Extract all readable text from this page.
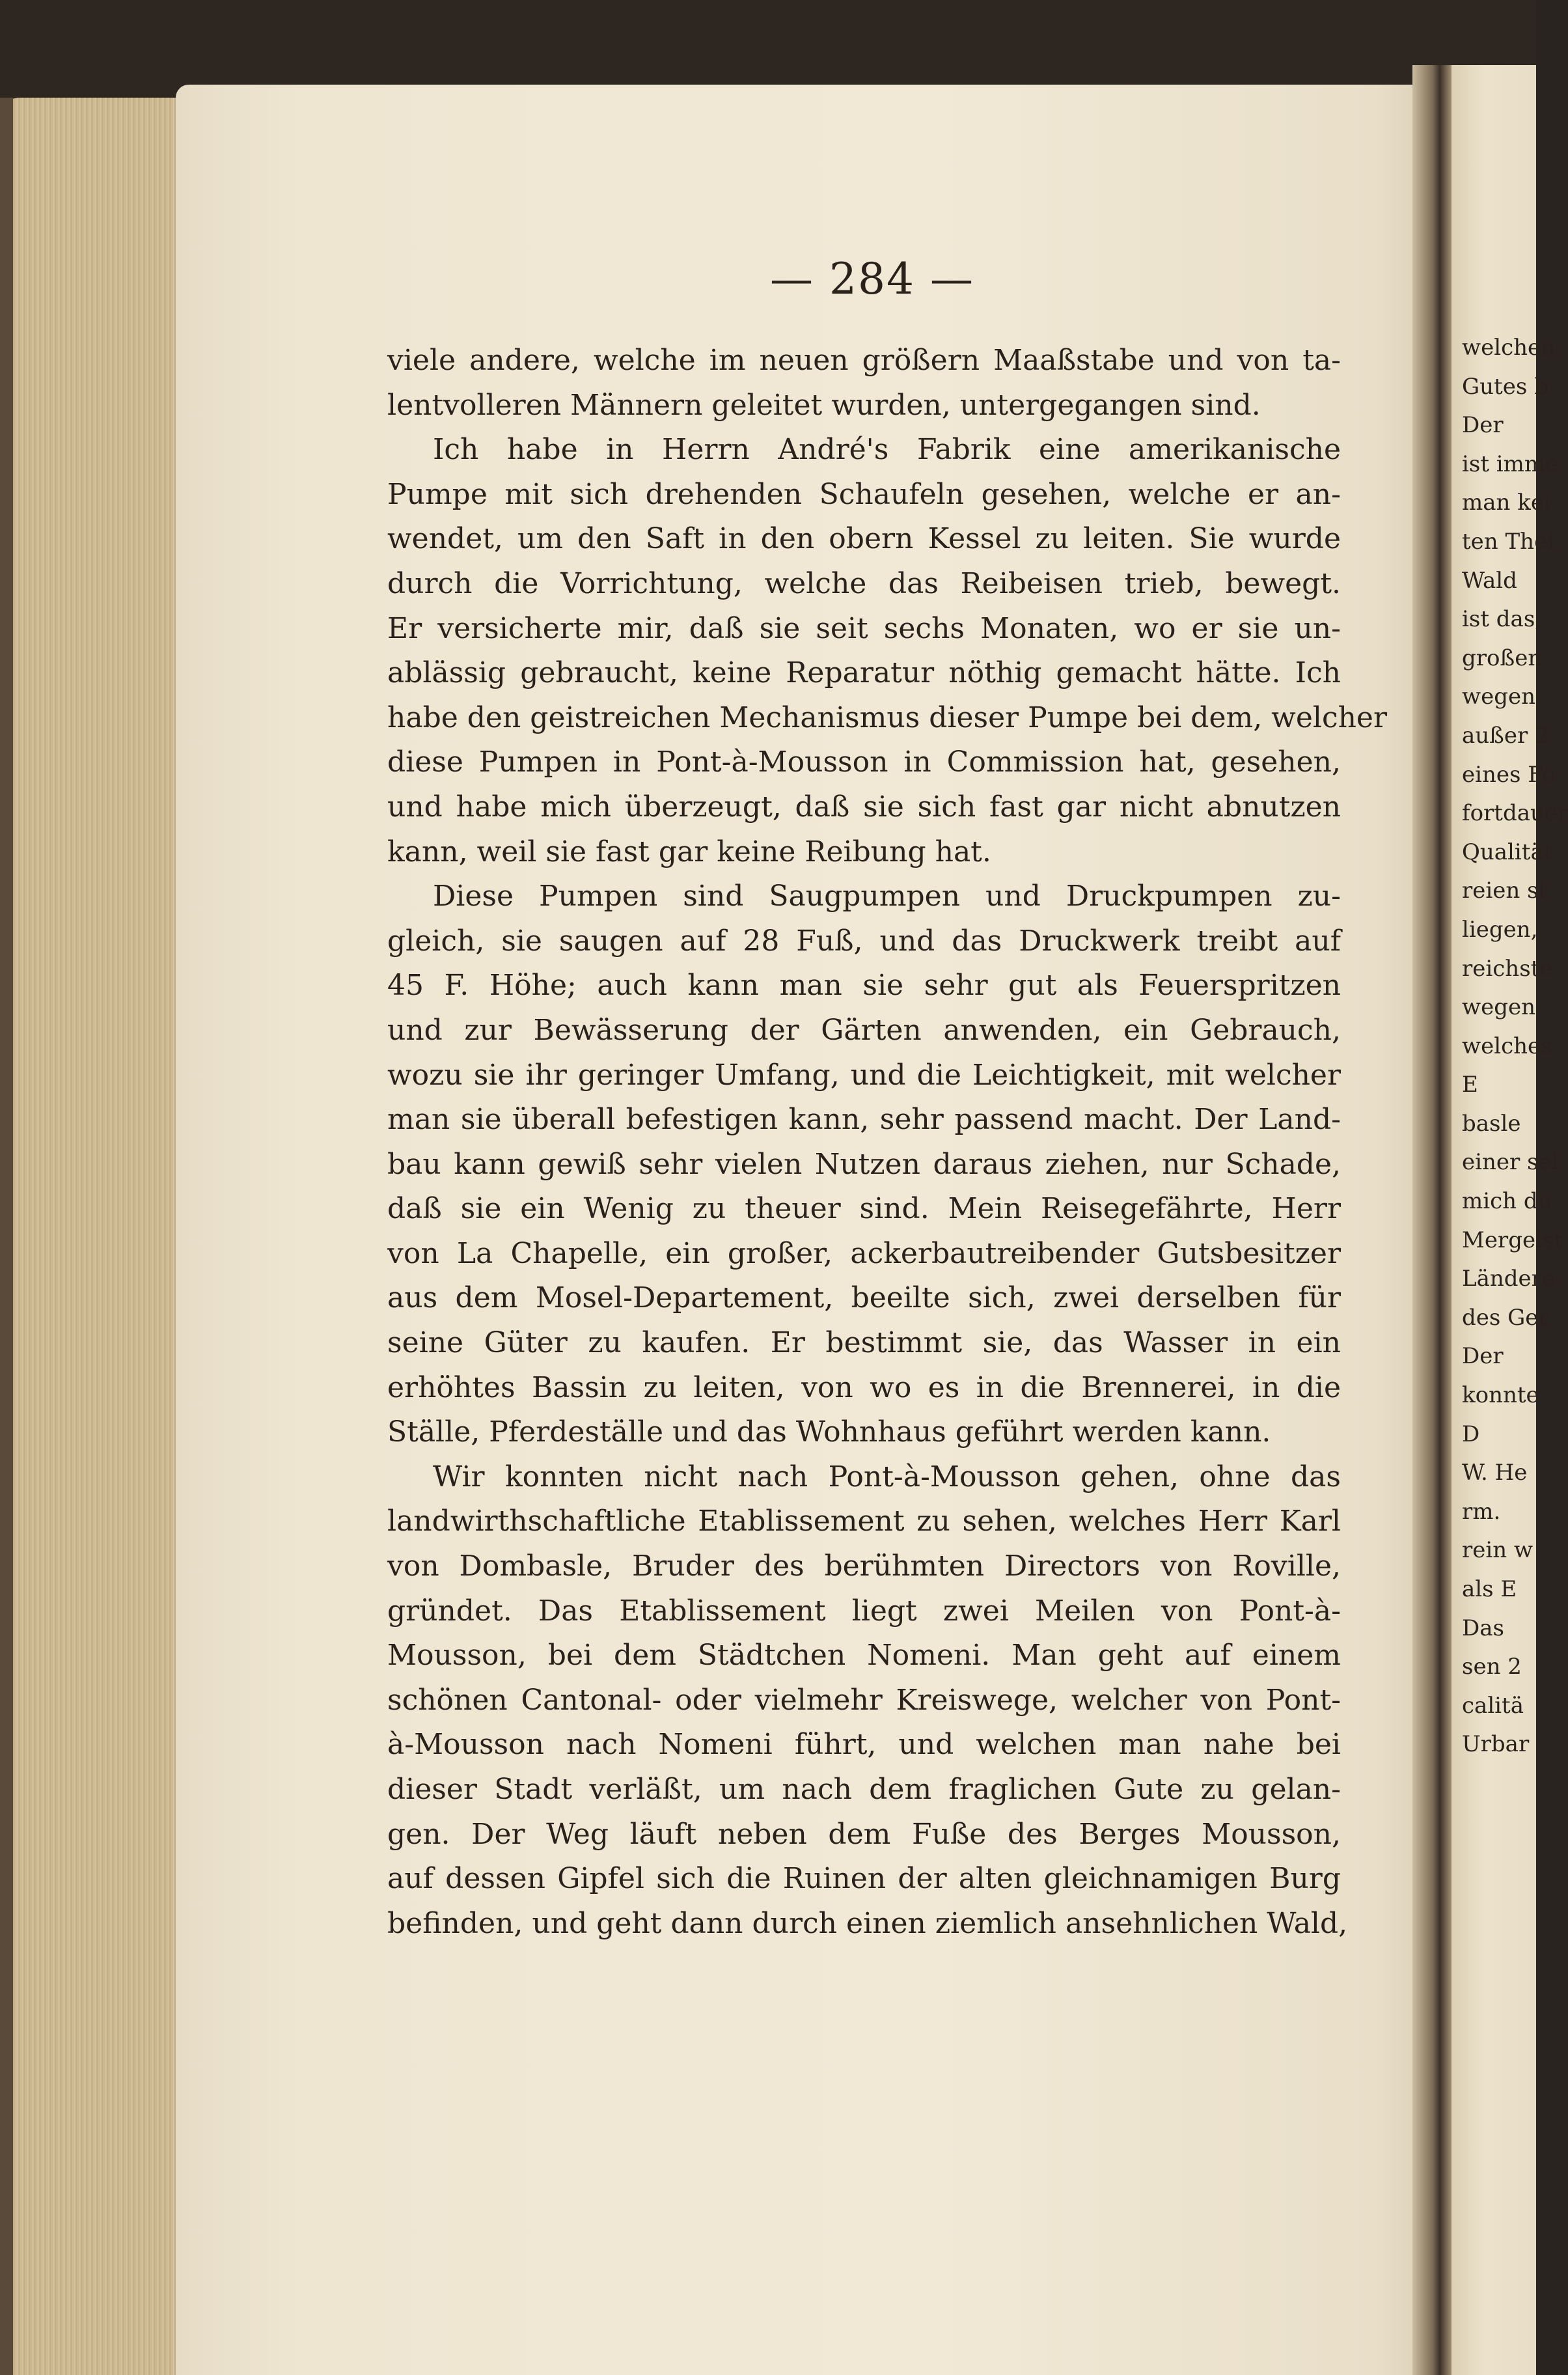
— 284 —
viele andere, welche im neuen größern Maaßstabe und von ta-
lentvolleren Männern geleitet wurden, untergegangen sind.
Ich habe in Herrn André's Fabrik eine amerikanische
Pumpe mit sich drehenden Schaufeln gesehen, welche er an-
wendet, um den Saft in den obern Kessel zu leiten. Sie wurde
durch die Vorrichtung, welche das Reibeisen trieb, bewegt.
Er versicherte mir, daß sie seit sechs Monaten, wo er sie un-
ablässig gebraucht, keine Reparatur nöthig gemacht hätte. Ich
habe den geistreichen Mechanismus dieser Pumpe bei dem, welcher
diese Pumpen in Pont-à-Mousson in Commission hat, gesehen,
und habe mich überzeugt, daß sie sich fast gar nicht abnutzen
kann, weil sie fast gar keine Reibung hat.
Diese Pumpen sind Saugpumpen und Druckpumpen zu-
gleich, sie saugen auf 28 Fuß, und das Druckwerk treibt auf
45 F. Höhe; auch kann man sie sehr gut als Feuerspritzen
und zur Bewässerung der Gärten anwenden, ein Gebrauch,
wozu sie ihr geringer Umfang, und die Leichtigkeit, mit welcher
man sie überall befestigen kann, sehr passend macht. Der Land-
bau kann gewiß sehr vielen Nutzen daraus ziehen, nur Schade,
daß sie ein Wenig zu theuer sind. Mein Reisegefährte, Herr
von La Chapelle, ein großer, ackerbautreibender Gutsbesitzer
aus dem Mosel-Departement, beeilte sich, zwei derselben für
seine Güter zu kaufen. Er bestimmt sie, das Wasser in ein
erhöhtes Bassin zu leiten, von wo es in die Brennerei, in die
Ställe, Pferdeställe und das Wohnhaus geführt werden kann.
Wir konnten nicht nach Pont-à-Mousson gehen, ohne das
landwirthschaftliche Etablissement zu sehen, welches Herr Karl
von Dombasle, Bruder des berühmten Directors von Roville,
gründet. Das Etablissement liegt zwei Meilen von Pont-à-
Mousson, bei dem Städtchen Nomeni. Man geht auf einem
schönen Cantonal- oder vielmehr Kreiswege, welcher von Pont-
à-Mousson nach Nomeni führt, und welchen man nahe bei
dieser Stadt verläßt, um nach dem fraglichen Gute zu gelan-
gen. Der Weg läuft neben dem Fuße des Berges Mousson,
auf dessen Gipfel sich die Ruinen der alten gleichnamigen Burg
befinden, und geht dann durch einen ziemlich ansehnlichen Wald,
welchen
Gutes b
Der
ist imme
man kei
ten Thei
Wald
ist das,
großen
wegen
außer 2
eines Fo
fortdauer
Qualität
reien si
liegen,
reichste
wegen
welches
E
basle
einer sel
mich du
Mergelst
Ländere
des Ger
Der
konnte
D
W. He
rm.
rein w
als E
Das
sen 2
calitä
Urbar
